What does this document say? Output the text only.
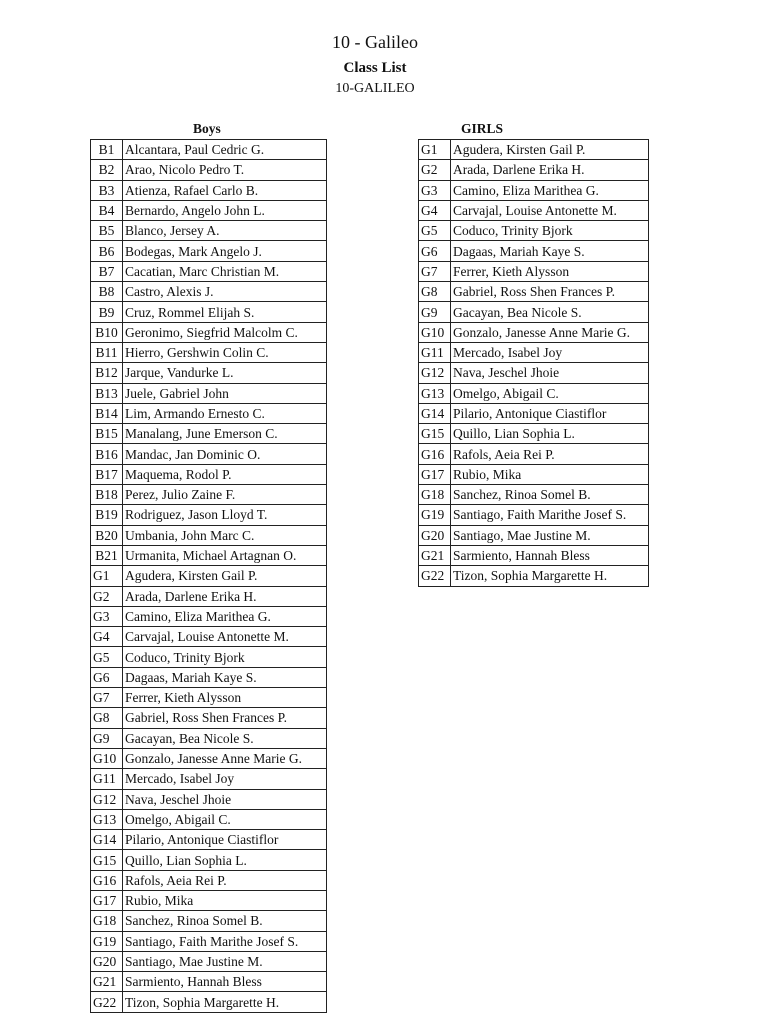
10 - Galileo
Class List
10-GALILEO
Boys	GIRLS
B1	Alcantara, Paul Cedric G.
B2	Arao, Nicolo Pedro T.
B3	Atienza, Rafael Carlo B.
B4	Bernardo, Angelo John L.
B5	Blanco, Jersey A.
B6	Bodegas, Mark Angelo J.
B7	Cacatian, Marc Christian M.
B8	Castro, Alexis J.
B9	Cruz, Rommel Elijah S.
B10	Geronimo, Siegfrid Malcolm C.
B11	Hierro, Gershwin Colin C.
B12	Jarque, Vandurke L.
B13	Juele, Gabriel John
B14	Lim, Armando Ernesto C.
B15	Manalang, June Emerson C.
B16	Mandac, Jan Dominic O.
B17	Maquema, Rodol P.
B18	Perez, Julio Zaine F.
B19	Rodriguez, Jason Lloyd T.
B20	Umbania, John Marc C.
B21	Urmanita, Michael Artagnan O.
G1	Agudera, Kirsten Gail P.
G2	Arada, Darlene Erika H.
G3	Camino, Eliza Marithea G.
G4	Carvajal, Louise Antonette M.
G5	Coduco, Trinity Bjork
G6	Dagaas, Mariah Kaye S.
G7	Ferrer, Kieth Alysson
G8	Gabriel, Ross Shen Frances P.
G9	Gacayan, Bea Nicole S.
G10	Gonzalo, Janesse Anne Marie G.
G11	Mercado, Isabel Joy
G12	Nava, Jeschel Jhoie
G13	Omelgo, Abigail C.
G14	Pilario, Antonique Ciastiflor
G15	Quillo, Lian Sophia L.
G16	Rafols, Aeia Rei P.
G17	Rubio, Mika
G18	Sanchez, Rinoa Somel B.
G19	Santiago, Faith Marithe Josef S.
G20	Santiago, Mae Justine M.
G21	Sarmiento, Hannah Bless
G22	Tizon, Sophia Margarette H.
G1	Agudera, Kirsten Gail P.
G2	Arada, Darlene Erika H.
G3	Camino, Eliza Marithea G.
G4	Carvajal, Louise Antonette M.
G5	Coduco, Trinity Bjork
G6	Dagaas, Mariah Kaye S.
G7	Ferrer, Kieth Alysson
G8	Gabriel, Ross Shen Frances P.
G9	Gacayan, Bea Nicole S.
G10	Gonzalo, Janesse Anne Marie G.
G11	Mercado, Isabel Joy
G12	Nava, Jeschel Jhoie
G13	Omelgo, Abigail C.
G14	Pilario, Antonique Ciastiflor
G15	Quillo, Lian Sophia L.
G16	Rafols, Aeia Rei P.
G17	Rubio, Mika
G18	Sanchez, Rinoa Somel B.
G19	Santiago, Faith Marithe Josef S.
G20	Santiago, Mae Justine M.
G21	Sarmiento, Hannah Bless
G22	Tizon, Sophia Margarette H.
